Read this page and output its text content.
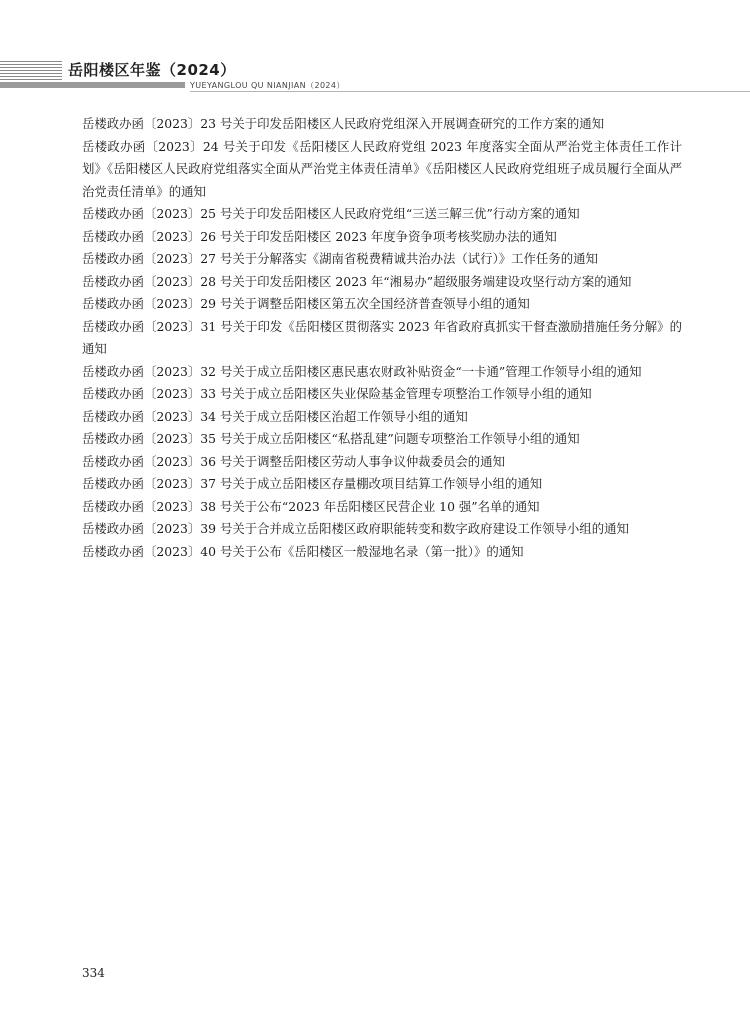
岳阳楼区年鉴（2024）
YUEYANGLOU QU NIANJIAN（2024）
岳楼政办函〔2023〕23 号关于印发岳阳楼区人民政府党组深入开展调查研究的工作方案的通知
岳楼政办函〔2023〕24 号关于印发《岳阳楼区人民政府党组 2023 年度落实全面从严治党主体责任工作计划》《岳阳楼区人民政府党组落实全面从严治党主体责任清单》《岳阳楼区人民政府党组班子成员履行全面从严治党责任清单》的通知
岳楼政办函〔2023〕25 号关于印发岳阳楼区人民政府党组“三送三解三优”行动方案的通知
岳楼政办函〔2023〕26 号关于印发岳阳楼区 2023 年度争资争项考核奖励办法的通知
岳楼政办函〔2023〕27 号关于分解落实《湖南省税费精诚共治办法（试行）》工作任务的通知
岳楼政办函〔2023〕28 号关于印发岳阳楼区 2023 年“湘易办”超级服务端建设攻坚行动方案的通知
岳楼政办函〔2023〕29 号关于调整岳阳楼区第五次全国经济普查领导小组的通知
岳楼政办函〔2023〕31 号关于印发《岳阳楼区贯彻落实 2023 年省政府真抓实干督查激励措施任务分解》的通知
岳楼政办函〔2023〕32 号关于成立岳阳楼区惠民惠农财政补贴资金“一卡通”管理工作领导小组的通知
岳楼政办函〔2023〕33 号关于成立岳阳楼区失业保险基金管理专项整治工作领导小组的通知
岳楼政办函〔2023〕34 号关于成立岳阳楼区治超工作领导小组的通知
岳楼政办函〔2023〕35 号关于成立岳阳楼区“私搭乱建”问题专项整治工作领导小组的通知
岳楼政办函〔2023〕36 号关于调整岳阳楼区劳动人事争议仲裁委员会的通知
岳楼政办函〔2023〕37 号关于成立岳阳楼区存量棚改项目结算工作领导小组的通知
岳楼政办函〔2023〕38 号关于公布“2023 年岳阳楼区民营企业 10 强”名单的通知
岳楼政办函〔2023〕39 号关于合并成立岳阳楼区政府职能转变和数字政府建设工作领导小组的通知
岳楼政办函〔2023〕40 号关于公布《岳阳楼区一般湿地名录（第一批）》的通知
334
